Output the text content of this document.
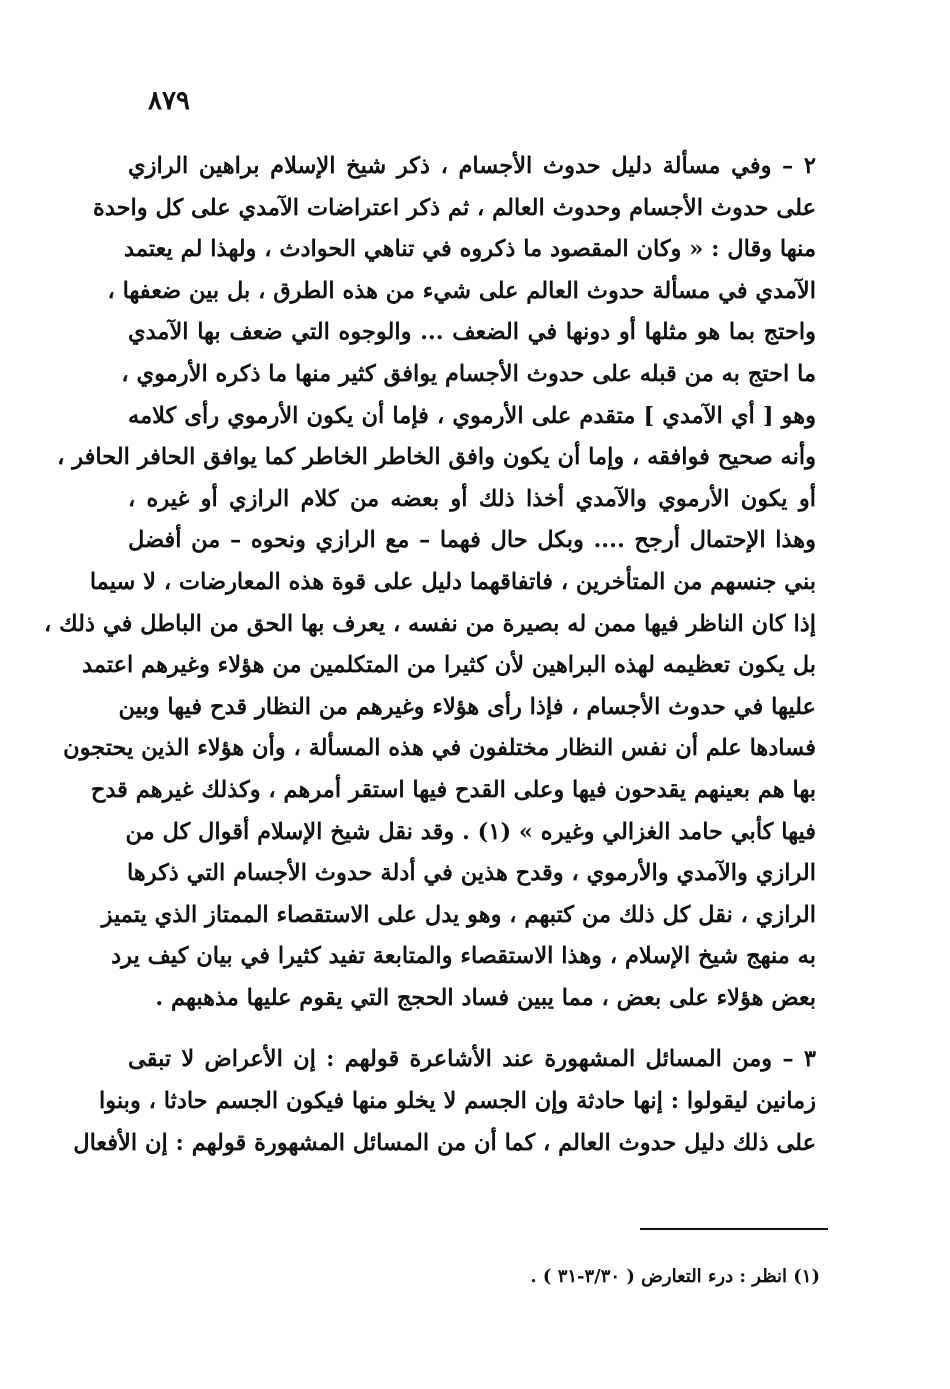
٨٧٩
٢ – وفي مسألة دليل حدوث الأجسام ، ذكر شيخ الإسلام براهين الرازي
على حدوث الأجسام وحدوث العالم ، ثم ذكر اعتراضات الآمدي على كل واحدة
منها وقال : « وكان المقصود ما ذكروه في تناهي الحوادث ، ولهذا لم يعتمد
الآمدي في مسألة حدوث العالم على شيء من هذه الطرق ، بل بين ضعفها ،
واحتج بما هو مثلها أو دونها في الضعف ... والوجوه التي ضعف بها الآمدي
ما احتج به من قبله على حدوث الأجسام يوافق كثير منها ما ذكره الأرموي ،
وهو [ أي الآمدي ] متقدم على الأرموي ، فإما أن يكون الأرموي رأى كلامه
وأنه صحيح فوافقه ، وإما أن يكون وافق الخاطر الخاطر كما يوافق الحافر الحافر ،
أو يكون الأرموي والآمدي أخذا ذلك أو بعضه من كلام الرازي أو غيره ،
وهذا الإحتمال أرجح .... وبكل حال فهما – مع الرازي ونحوه – من أفضل
بني جنسهم من المتأخرين ، فاتفاقهما دليل على قوة هذه المعارضات ، لا سيما
إذا كان الناظر فيها ممن له بصيرة من نفسه ، يعرف بها الحق من الباطل في ذلك ،
بل يكون تعظيمه لهذه البراهين لأن كثيرا من المتكلمين من هؤلاء وغيرهم اعتمد
عليها في حدوث الأجسام ، فإذا رأى هؤلاء وغيرهم من النظار قدح فيها وبين
فسادها علم أن نفس النظار مختلفون في هذه المسألة ، وأن هؤلاء الذين يحتجون
بها هم بعينهم يقدحون فيها وعلى القدح فيها استقر أمرهم ، وكذلك غيرهم قدح
فيها كأبي حامد الغزالي وغيره » (١) . وقد نقل شيخ الإسلام أقوال كل من
الرازي والآمدي والأرموي ، وقدح هذين في أدلة حدوث الأجسام التي ذكرها
الرازي ، نقل كل ذلك من كتبهم ، وهو يدل على الاستقصاء الممتاز الذي يتميز
به منهج شيخ الإسلام ، وهذا الاستقصاء والمتابعة تفيد كثيرا في بيان كيف يرد
بعض هؤلاء على بعض ، مما يبين فساد الحجج التي يقوم عليها مذهبهم .
٣ – ومن المسائل المشهورة عند الأشاعرة قولهم : إن الأعراض لا تبقى
زمانين ليقولوا : إنها حادثة وإن الجسم لا يخلو منها فيكون الجسم حادثا ، وبنوا
على ذلك دليل حدوث العالم ، كما أن من المسائل المشهورة قولهم : إن الأفعال
(١) انظر : درء التعارض ( ٣/٣٠-٣١ ) .
